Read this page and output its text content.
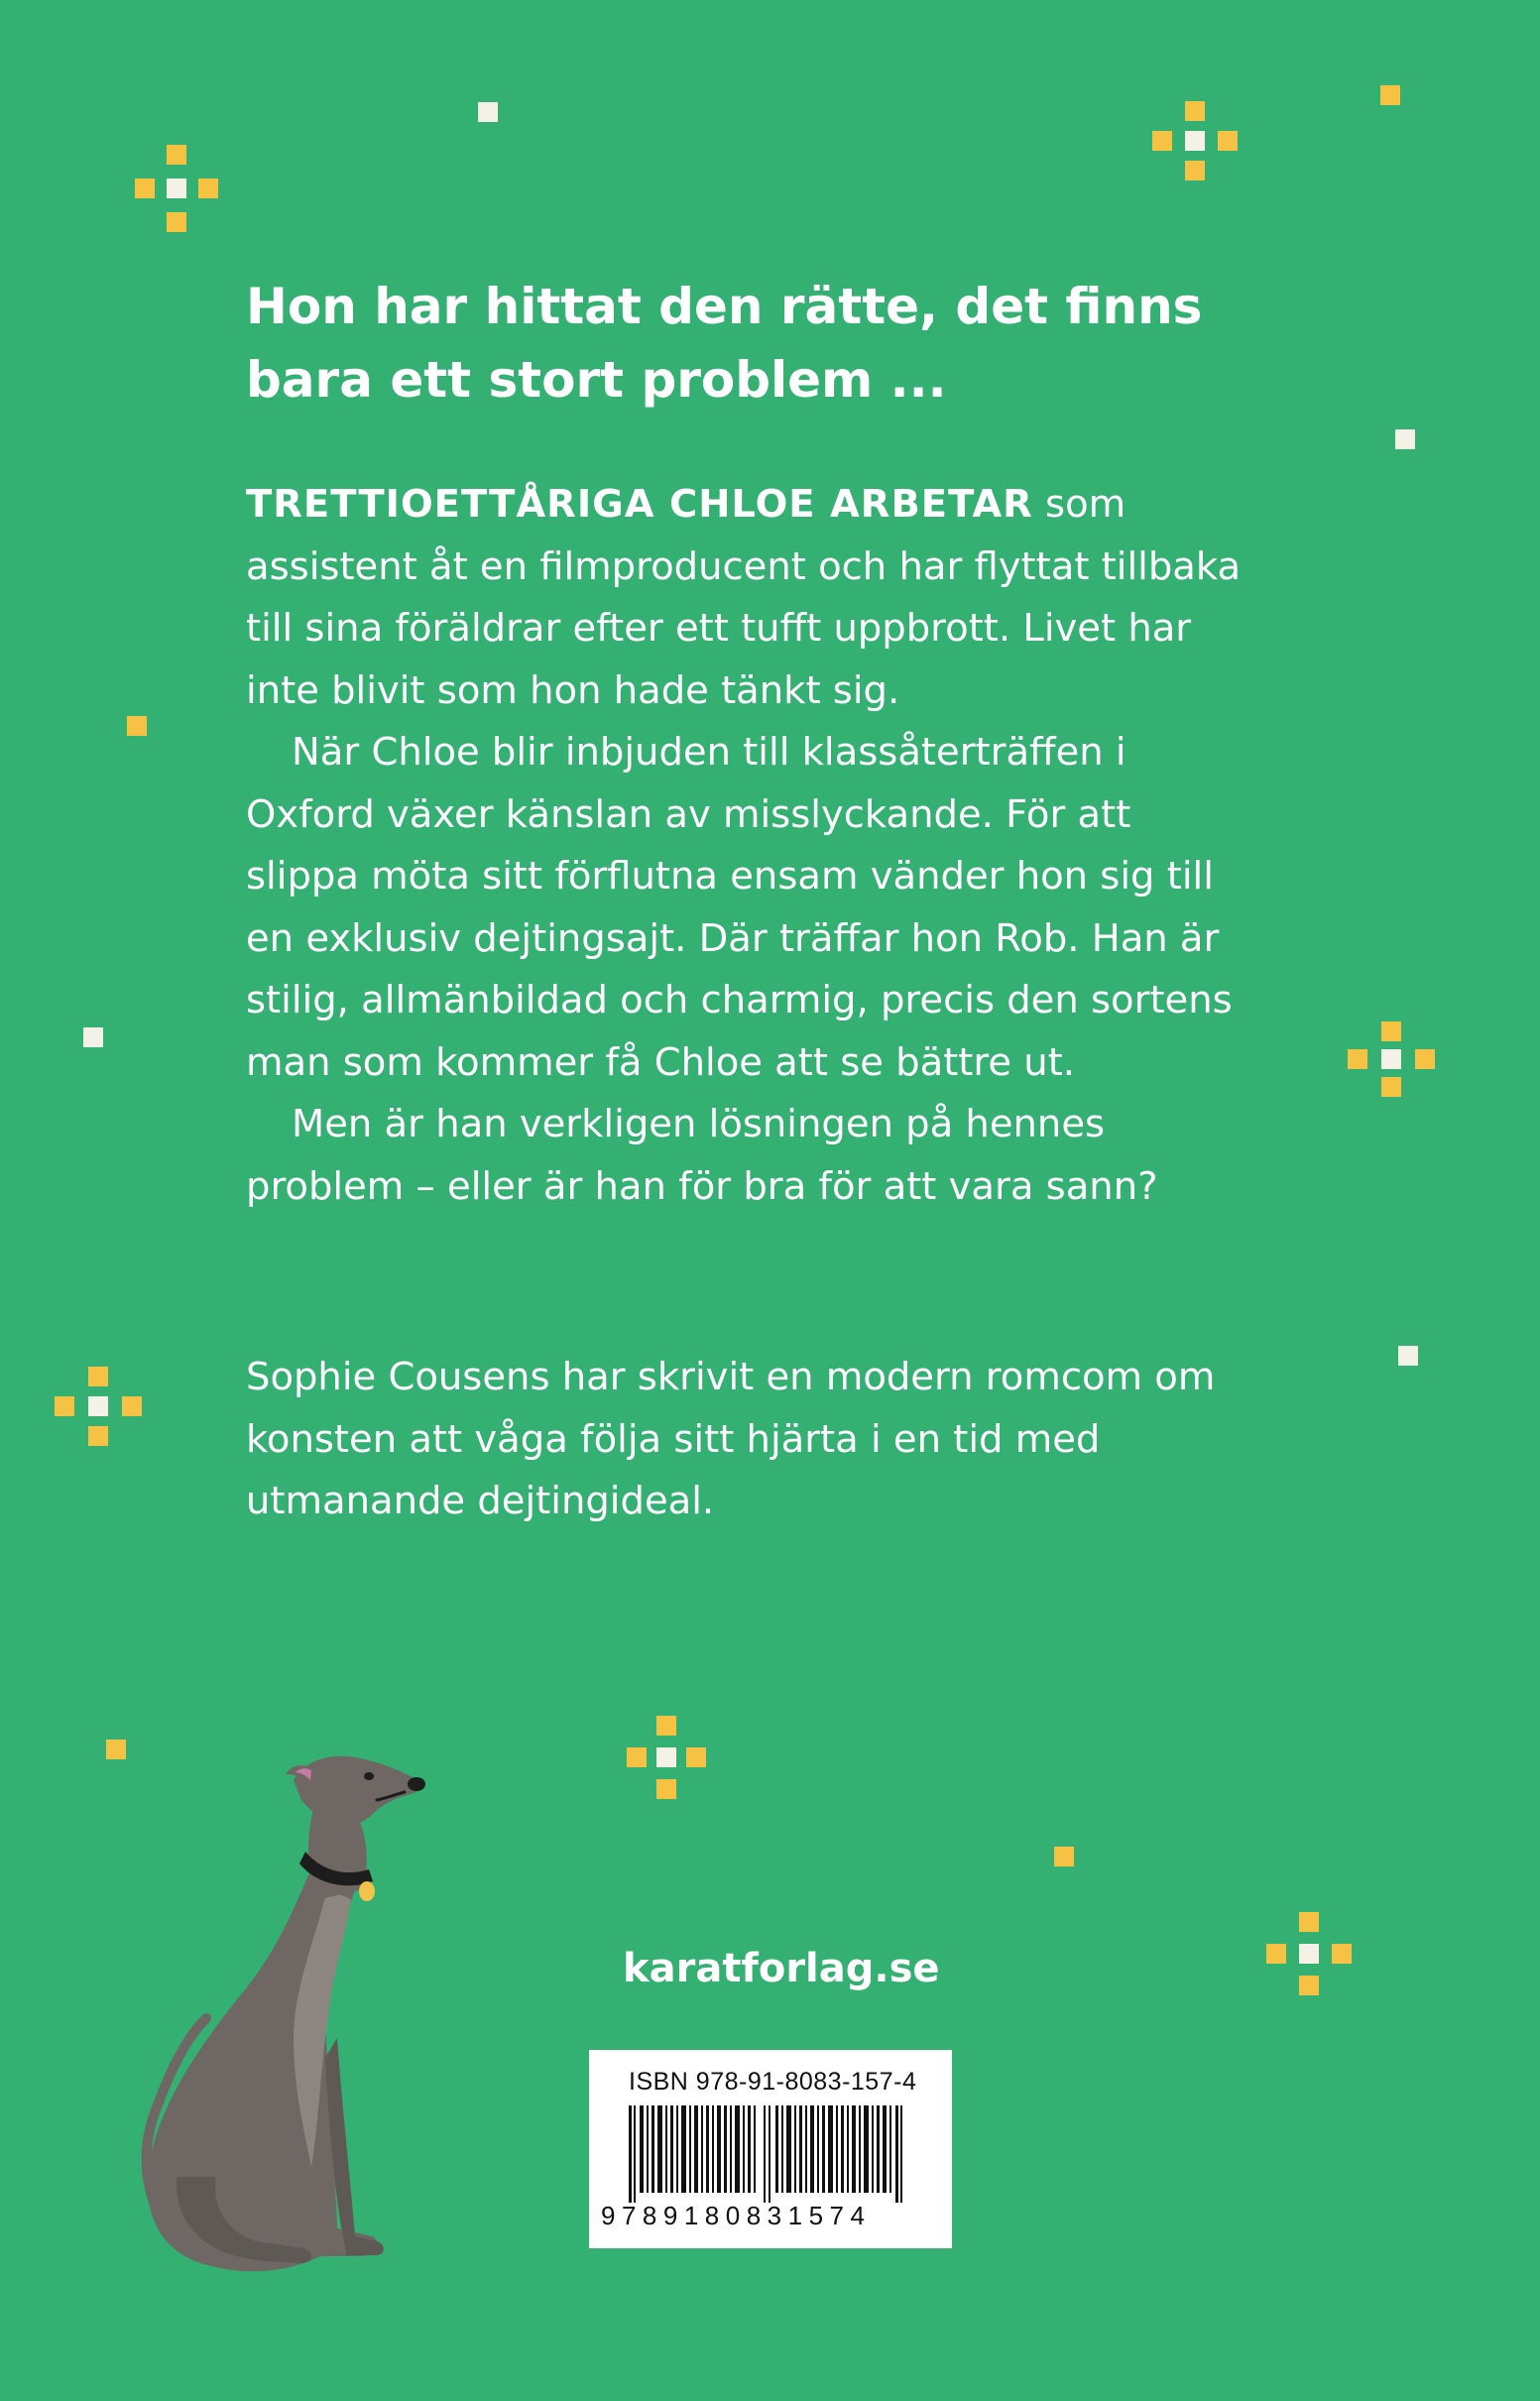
Hon har hittat den rätte, det finns bara ett stort problem ...

TRETTIOETTÅRIGA CHLOE ARBETAR som assistent åt en filmproducent och har flyttat tillbaka till sina föräldrar efter ett tufft uppbrott. Livet har inte blivit som hon hade tänkt sig.

När Chloe blir inbjuden till klassåterträffen i Oxford växer känslan av misslyckande. För att slippa möta sitt förflutna ensam vänder hon sig till en exklusiv dejtingsajt. Där träffar hon Rob. Han är stilig, allmänbildad och charmig, precis den sortens man som kommer få Chloe att se bättre ut.

Men är han verkligen lösningen på hennes problem – eller är han för bra för att vara sann?

Sophie Cousens har skrivit en modern romcom om konsten att våga följa sitt hjärta i en tid med utmanande dejtingideal.

karatforlag.se
ISBN 978-91-8083-157-4
9789180831574
